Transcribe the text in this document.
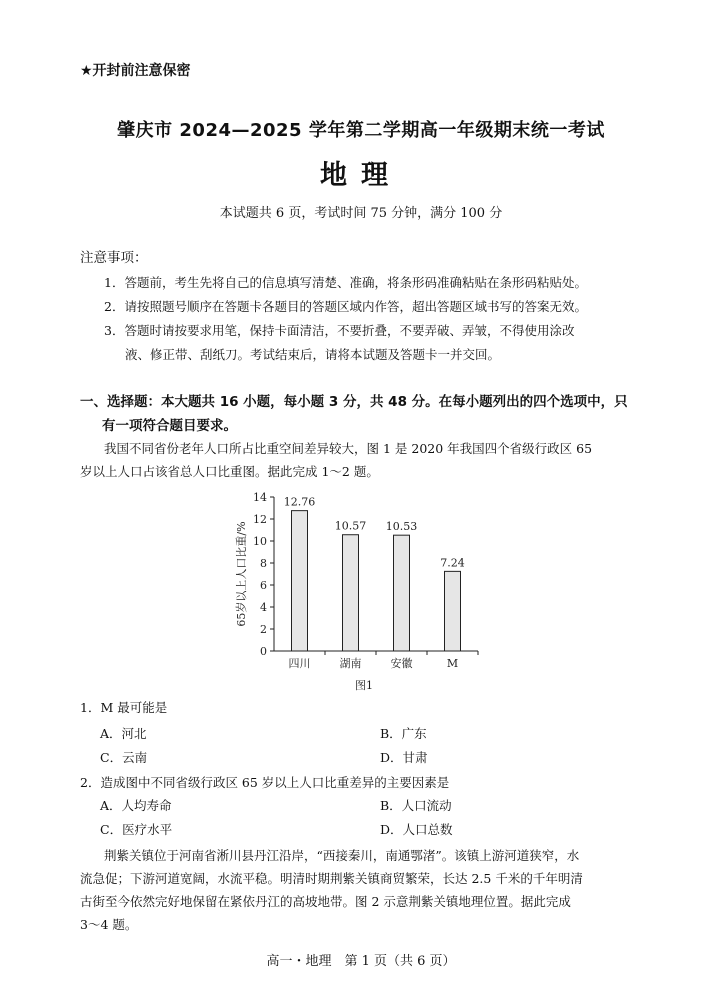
★开封前注意保密
肇庆市 2024—2025 学年第二学期高一年级期末统一考试
地理
本试题共 6 页，考试时间 75 分钟，满分 100 分
注意事项：
1．答题前，考生先将自己的信息填写清楚、准确，将条形码准确粘贴在条形码粘贴处。
2．请按照题号顺序在答题卡各题目的答题区域内作答，超出答题区域书写的答案无效。
3．答题时请按要求用笔，保持卡面清洁，不要折叠，不要弄破、弄皱，不得使用涂改
液、修正带、刮纸刀。考试结束后，请将本试题及答题卡一并交回。
一、选择题：本大题共 16 小题，每小题 3 分，共 48 分。在每小题列出的四个选项中，只
有一项符合题目要求。
我国不同省份老年人口所占比重空间差异较大，图 1 是 2020 年我国四个省级行政区 65
岁以上人口占该省总人口比重图。据此完成 1～2 题。
0
2
4
6
8
10
12
14
65岁以上人口比重/%
12.76
四川
10.57
湖南
10.53
安徽
7.24
M
图1
1．M 最可能是
A．河北	B．广东
C．云南	D．甘肃
2．造成图中不同省级行政区 65 岁以上人口比重差异的主要因素是
A．人均寿命	B．人口流动
C．医疗水平	D．人口总数
荆紫关镇位于河南省淅川县丹江沿岸，“西接秦川，南通鄂渚”。该镇上游河道狭窄，水
流急促；下游河道宽阔，水流平稳。明清时期荆紫关镇商贸繁荣，长达 2.5 千米的千年明清
古街至今依然完好地保留在紧依丹江的高坡地带。图 2 示意荆紫关镇地理位置。据此完成
3～4 题。
高一・地理　第 1 页（共 6 页）
